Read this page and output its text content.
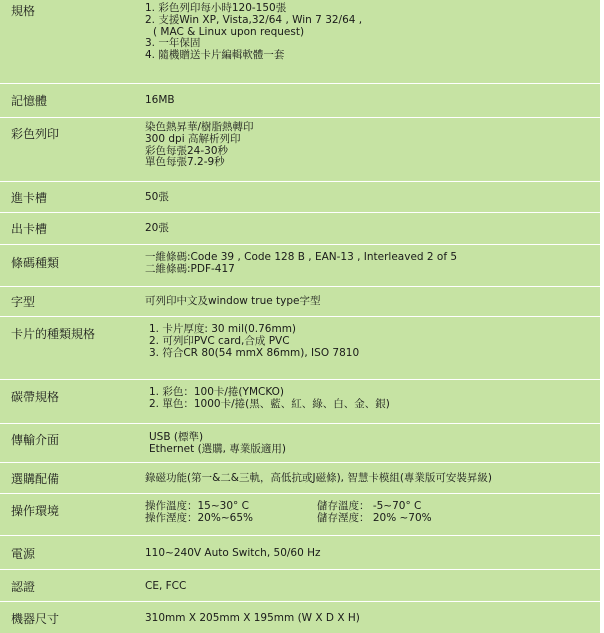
規格	1. 彩色列印每小時120-150張
2. 支援Win XP, Vista,32/64 , Win 7 32/64 ,
( MAC & Linux upon request)
3. 一年保固
4. 隨機贈送卡片編輯軟體一套
記憶體	16MB
彩色列印	染色熱昇華/樹脂熱轉印
300 dpi 高解析列印
彩色每張24-30秒
單色每張7.2-9秒
進卡槽	50張
出卡槽	20張
條碼種類	一維條碼:Code 39 , Code 128 B , EAN-13 , Interleaved 2 of 5
二維條碼:PDF-417
字型	可列印中文及window true type字型
卡片的種類規格	1. 卡片厚度: 30 mil(0.76mm)
2. 可列印PVC card,合成 PVC
3. 符合CR 80(54 mmX 86mm), ISO 7810
碳帶規格	1. 彩色：100卡/捲(YMCKO)
2. 單色：1000卡/捲(黑、藍、紅、綠、白、金、銀)
傳輸介面	USB (標準)
Ethernet (選購, 專業版適用)
選購配備	錄磁功能(第一&二&三軌，高低抗或J磁條), 智慧卡模組(專業版可安裝昇級)
操作環境	操作溫度：15~30° C	儲存溫度： -5~70° C
操作溼度：20%~65%	儲存溼度： 20% ~70%
電源	110~240V Auto Switch, 50/60 Hz
認證	CE, FCC
機器尺寸	310mm X 205mm X 195mm (W X D X H)
